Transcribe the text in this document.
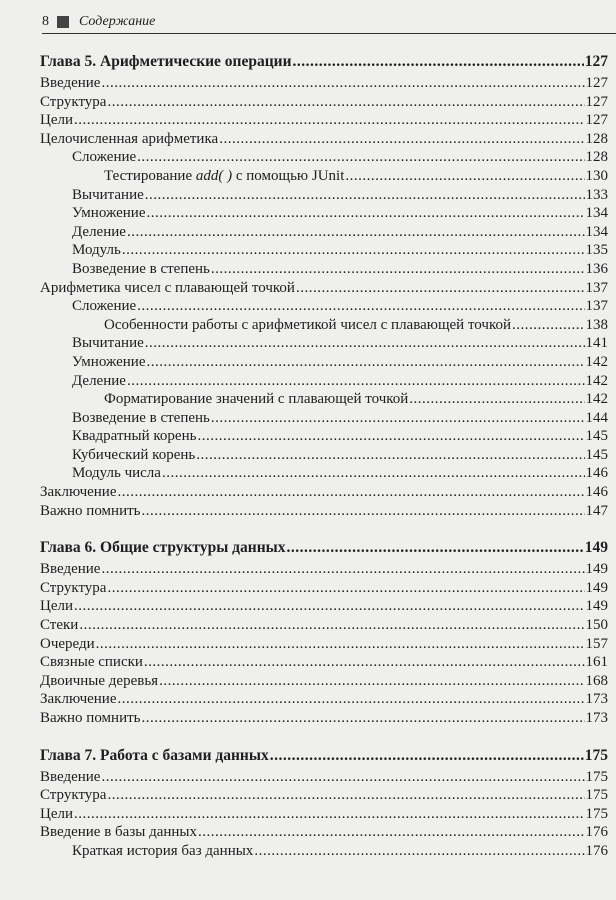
8 Содержание
Глава 5. Арифметические операции .....	127
Введение .....	127
Структура .....	127
Цели .....	127
Целочисленная арифметика .....	128
Сложение .....	128
Тестирование add( ) с помощью JUnit .....	130
Вычитание .....	133
Умножение .....	134
Деление .....	134
Модуль .....	135
Возведение в степень .....	136
Арифметика чисел с плавающей точкой .....	137
Сложение .....	137
Особенности работы с арифметикой чисел с плавающей точкой .....	138
Вычитание .....	141
Умножение .....	142
Деление .....	142
Форматирование значений с плавающей точкой .....	142
Возведение в степень .....	144
Квадратный корень .....	145
Кубический корень .....	145
Модуль числа .....	146
Заключение .....	146
Важно помнить .....	147
Глава 6. Общие структуры данных .....	149
Введение .....	149
Структура .....	149
Цели .....	149
Стеки .....	150
Очереди .....	157
Связные списки .....	161
Двоичные деревья .....	168
Заключение .....	173
Важно помнить .....	173
Глава 7. Работа с базами данных .....	175
Введение .....	175
Структура .....	175
Цели .....	175
Введение в базы данных .....	176
Краткая история баз данных .....	176
